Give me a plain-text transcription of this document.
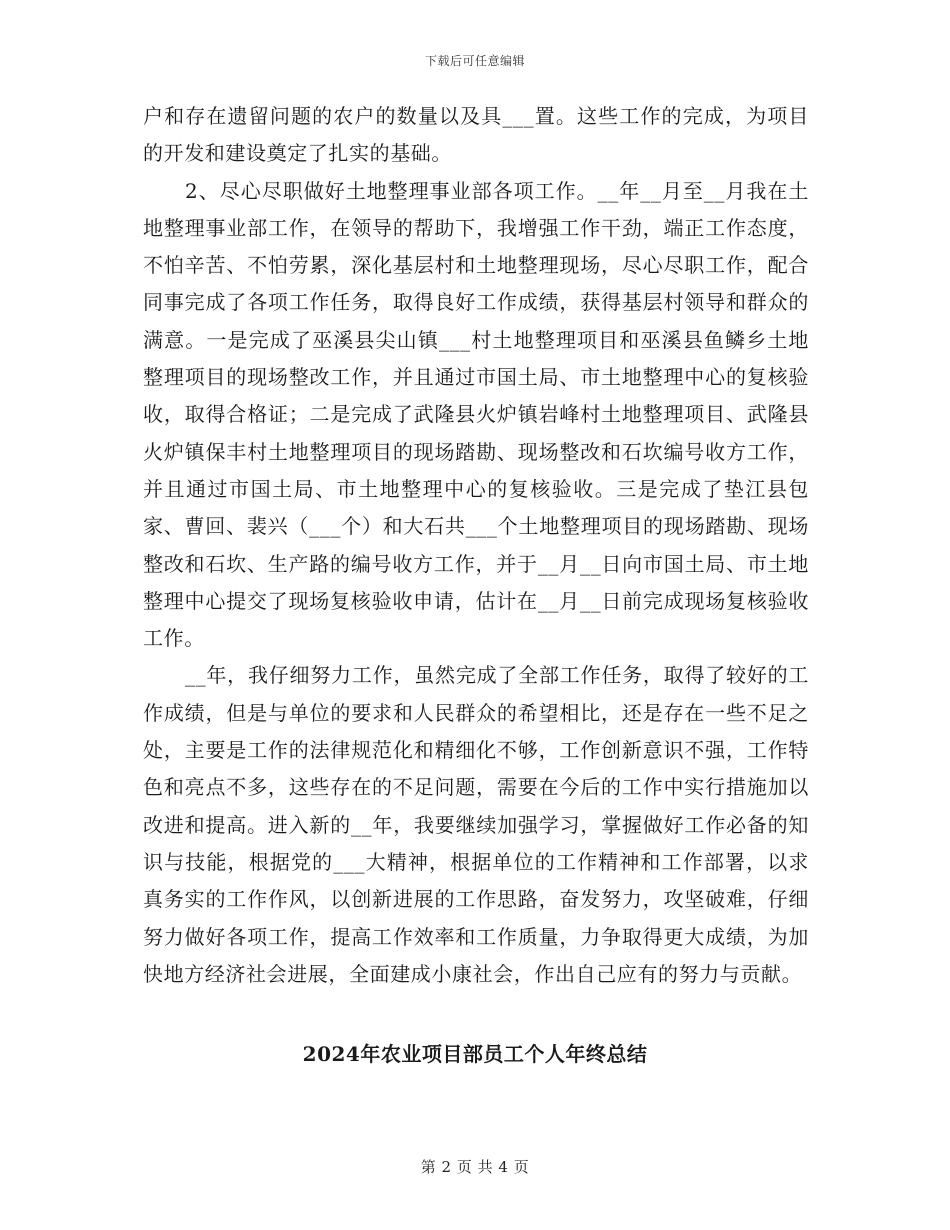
下载后可任意编辑

户和存在遗留问题的农户的数量以及具___置。这些工作的完成，为项目的开发和建设奠定了扎实的基础。

2、尽心尽职做好土地整理事业部各项工作。__年__月至__月我在土地整理事业部工作，在领导的帮助下，我增强工作干劲，端正工作态度，不怕辛苦、不怕劳累，深化基层村和土地整理现场，尽心尽职工作，配合同事完成了各项工作任务，取得良好工作成绩，获得基层村领导和群众的满意。一是完成了巫溪县尖山镇___村土地整理项目和巫溪县鱼鳞乡土地整理项目的现场整改工作，并且通过市国土局、市土地整理中心的复核验收，取得合格证；二是完成了武隆县火炉镇岩峰村土地整理项目、武隆县火炉镇保丰村土地整理项目的现场踏勘、现场整改和石坎编号收方工作，并且通过市国土局、市土地整理中心的复核验收。三是完成了垫江县包家、曹回、裴兴（___个）和大石共___个土地整理项目的现场踏勘、现场整改和石坎、生产路的编号收方工作，并于__月__日向市国土局、市土地整理中心提交了现场复核验收申请，估计在__月__日前完成现场复核验收工作。

__年，我仔细努力工作，虽然完成了全部工作任务，取得了较好的工作成绩，但是与单位的要求和人民群众的希望相比，还是存在一些不足之处，主要是工作的法律规范化和精细化不够，工作创新意识不强，工作特色和亮点不多，这些存在的不足问题，需要在今后的工作中实行措施加以改进和提高。进入新的__年，我要继续加强学习，掌握做好工作必备的知识与技能，根据党的___大精神，根据单位的工作精神和工作部署，以求真务实的工作作风，以创新进展的工作思路，奋发努力，攻坚破难，仔细努力做好各项工作，提高工作效率和工作质量，力争取得更大成绩，为加快地方经济社会进展，全面建成小康社会，作出自己应有的努力与贡献。

2024年农业项目部员工个人年终总结
第 2 页 共 4 页
